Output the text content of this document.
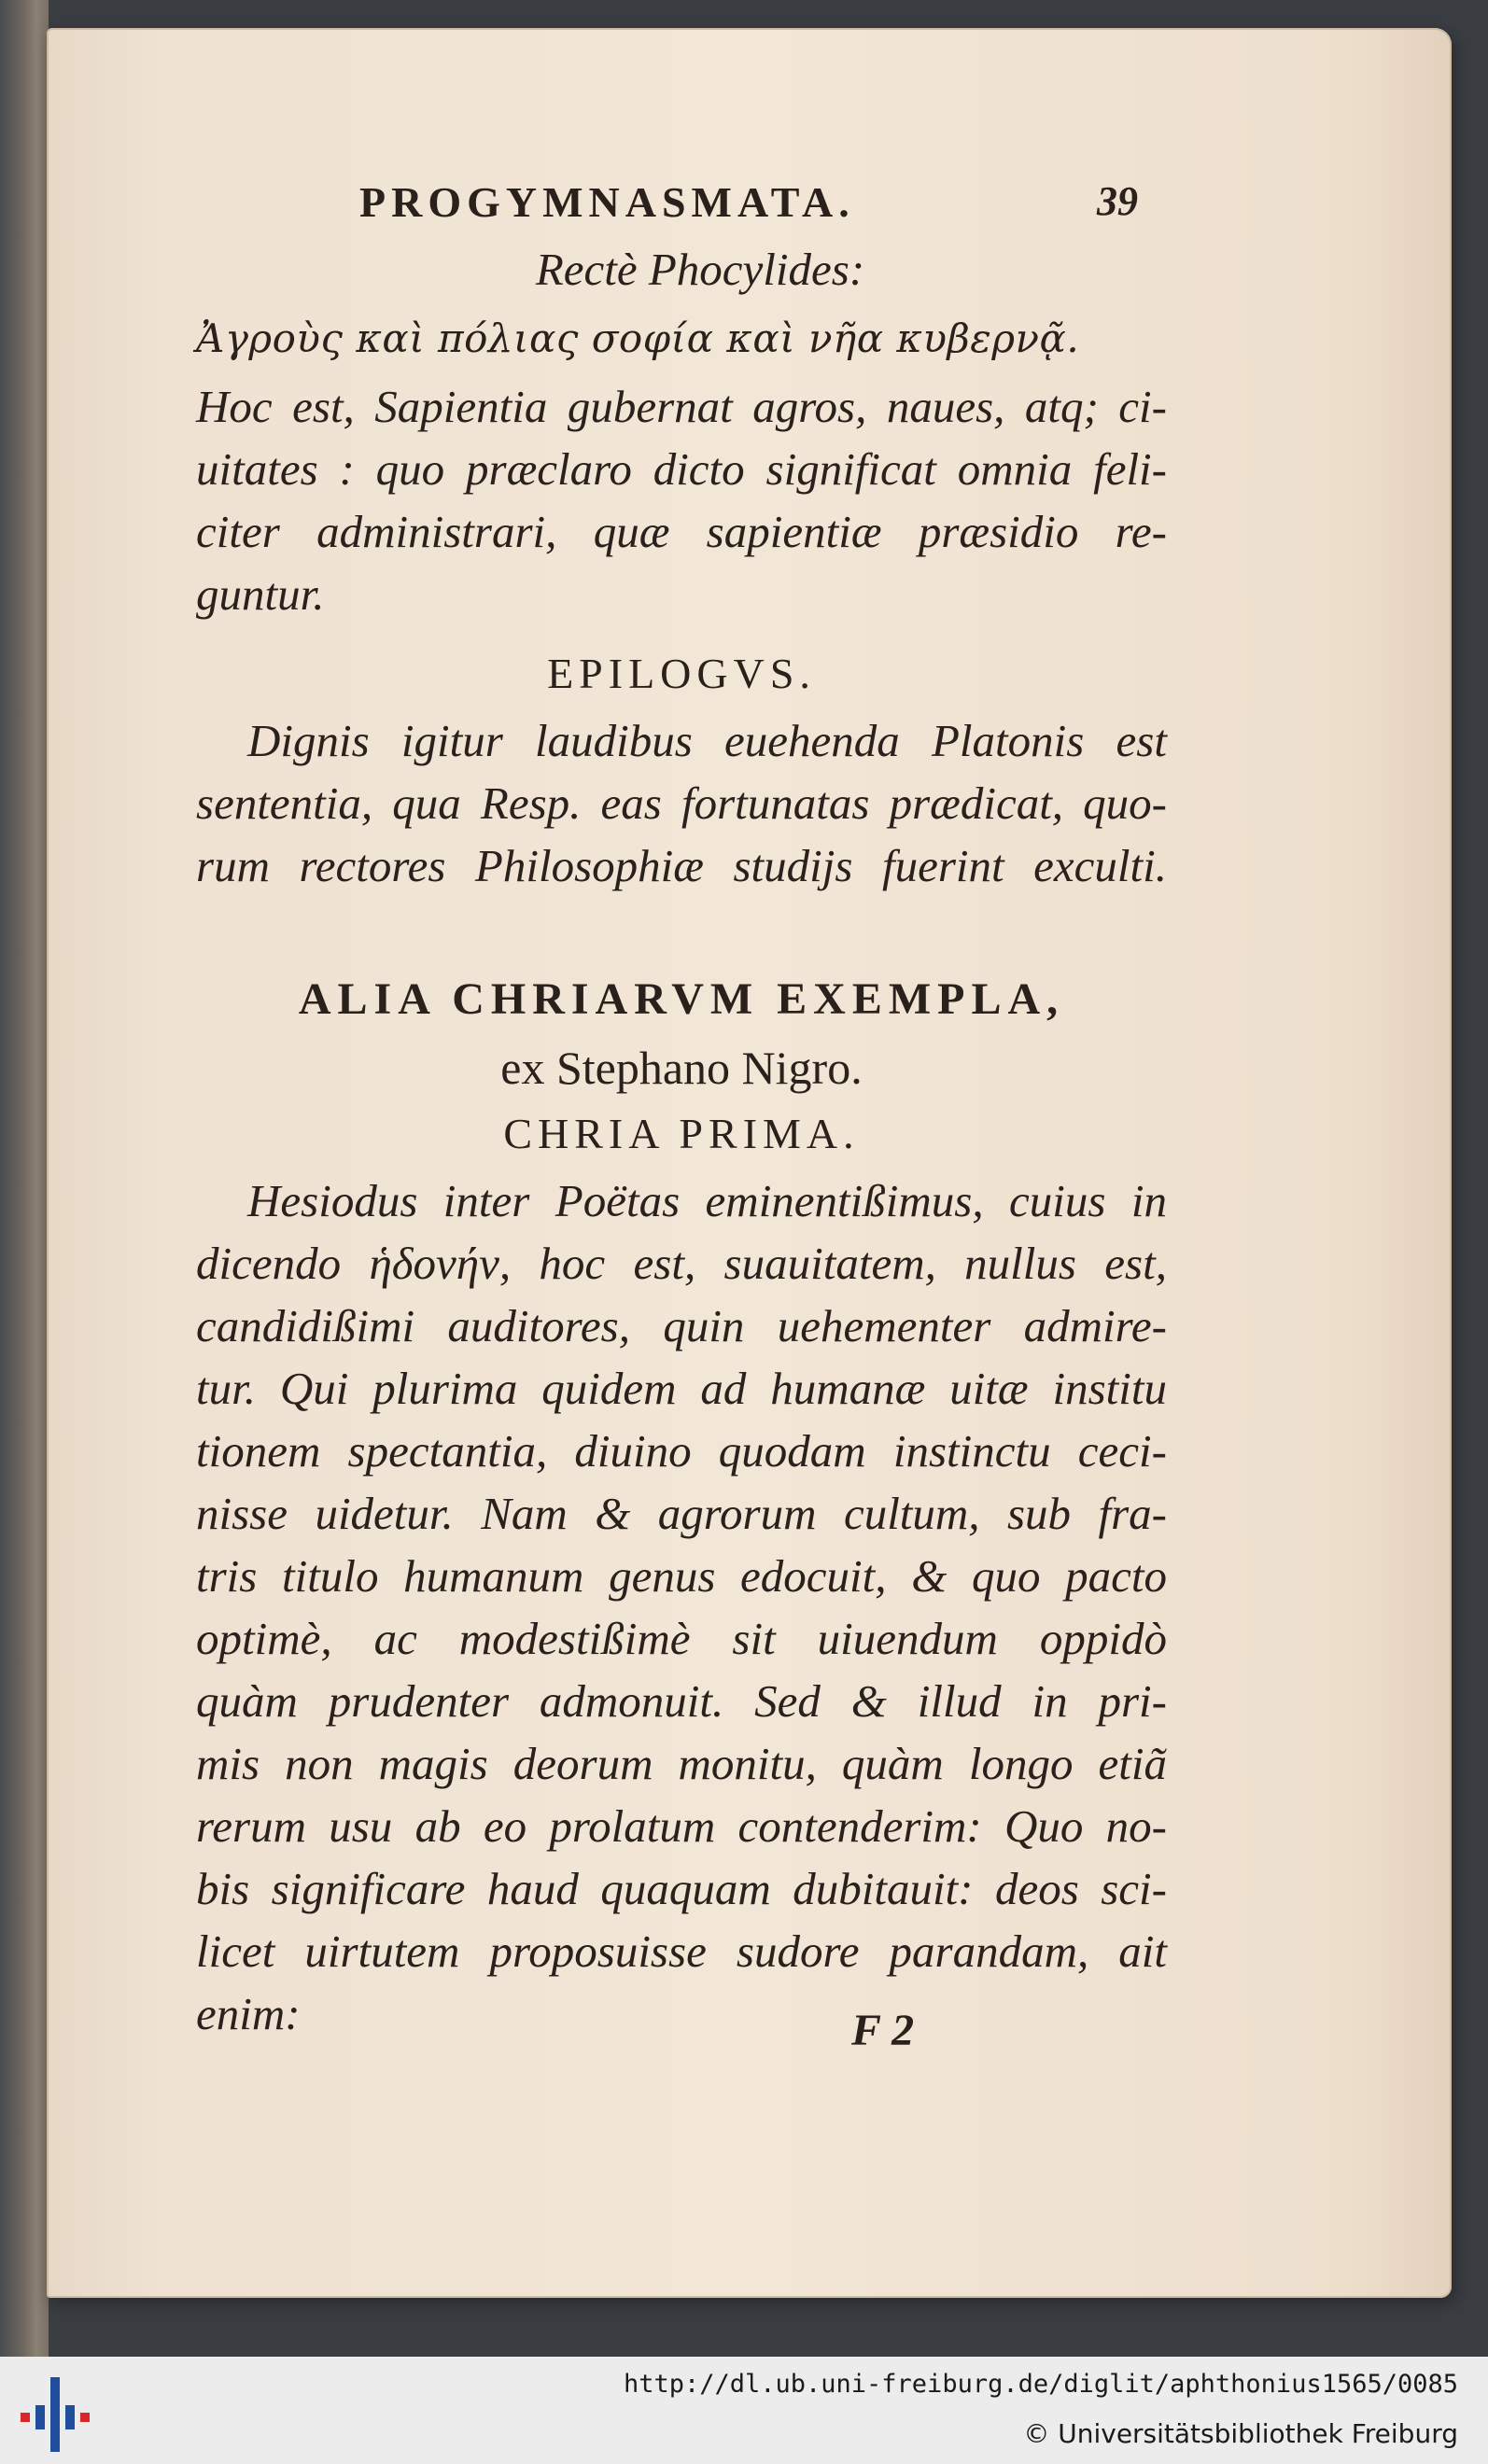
PROGYMNASMATA.	39
Rectè Phocylides:
Ἀγροὺς καὶ πόλιας σοφία καὶ νῆα κυβερνᾷ.
Hoc est, Sapientia gubernat agros, naues, atq; ci-
uitates : quo præclaro dicto significat omnia feli-
citer administrari, quæ sapientiæ præsidio re-
guntur.
EPILOGVS.
Dignis igitur laudibus euehenda Platonis est
sententia, qua Resp. eas fortunatas prædicat, quo-
rum rectores Philosophiæ studijs fuerint exculti.
ALIA CHRIARVM EXEMPLA,
ex Stephano Nigro.
CHRIA PRIMA.
Hesiodus inter Poëtas eminentißimus, cuius in
dicendo ἡδονήν, hoc est, suauitatem, nullus est,
candidißimi auditores, quin uehementer admire-
tur. Qui plurima quidem ad humanæ uitæ institu
tionem spectantia, diuino quodam instinctu ceci-
nisse uidetur. Nam & agrorum cultum, sub fra-
tris titulo humanum genus edocuit, & quo pacto
optimè, ac modestißimè sit uiuendum oppidò
quàm prudenter admonuit. Sed & illud in pri-
mis non magis deorum monitu, quàm longo etiã
rerum usu ab eo prolatum contenderim: Quo no-
bis significare haud quaquam dubitauit: deos sci-
licet uirtutem proposuisse sudore parandam, ait
enim:	F 2
http://dl.ub.uni-freiburg.de/diglit/aphthonius1565/0085
© Universitätsbibliothek Freiburg
